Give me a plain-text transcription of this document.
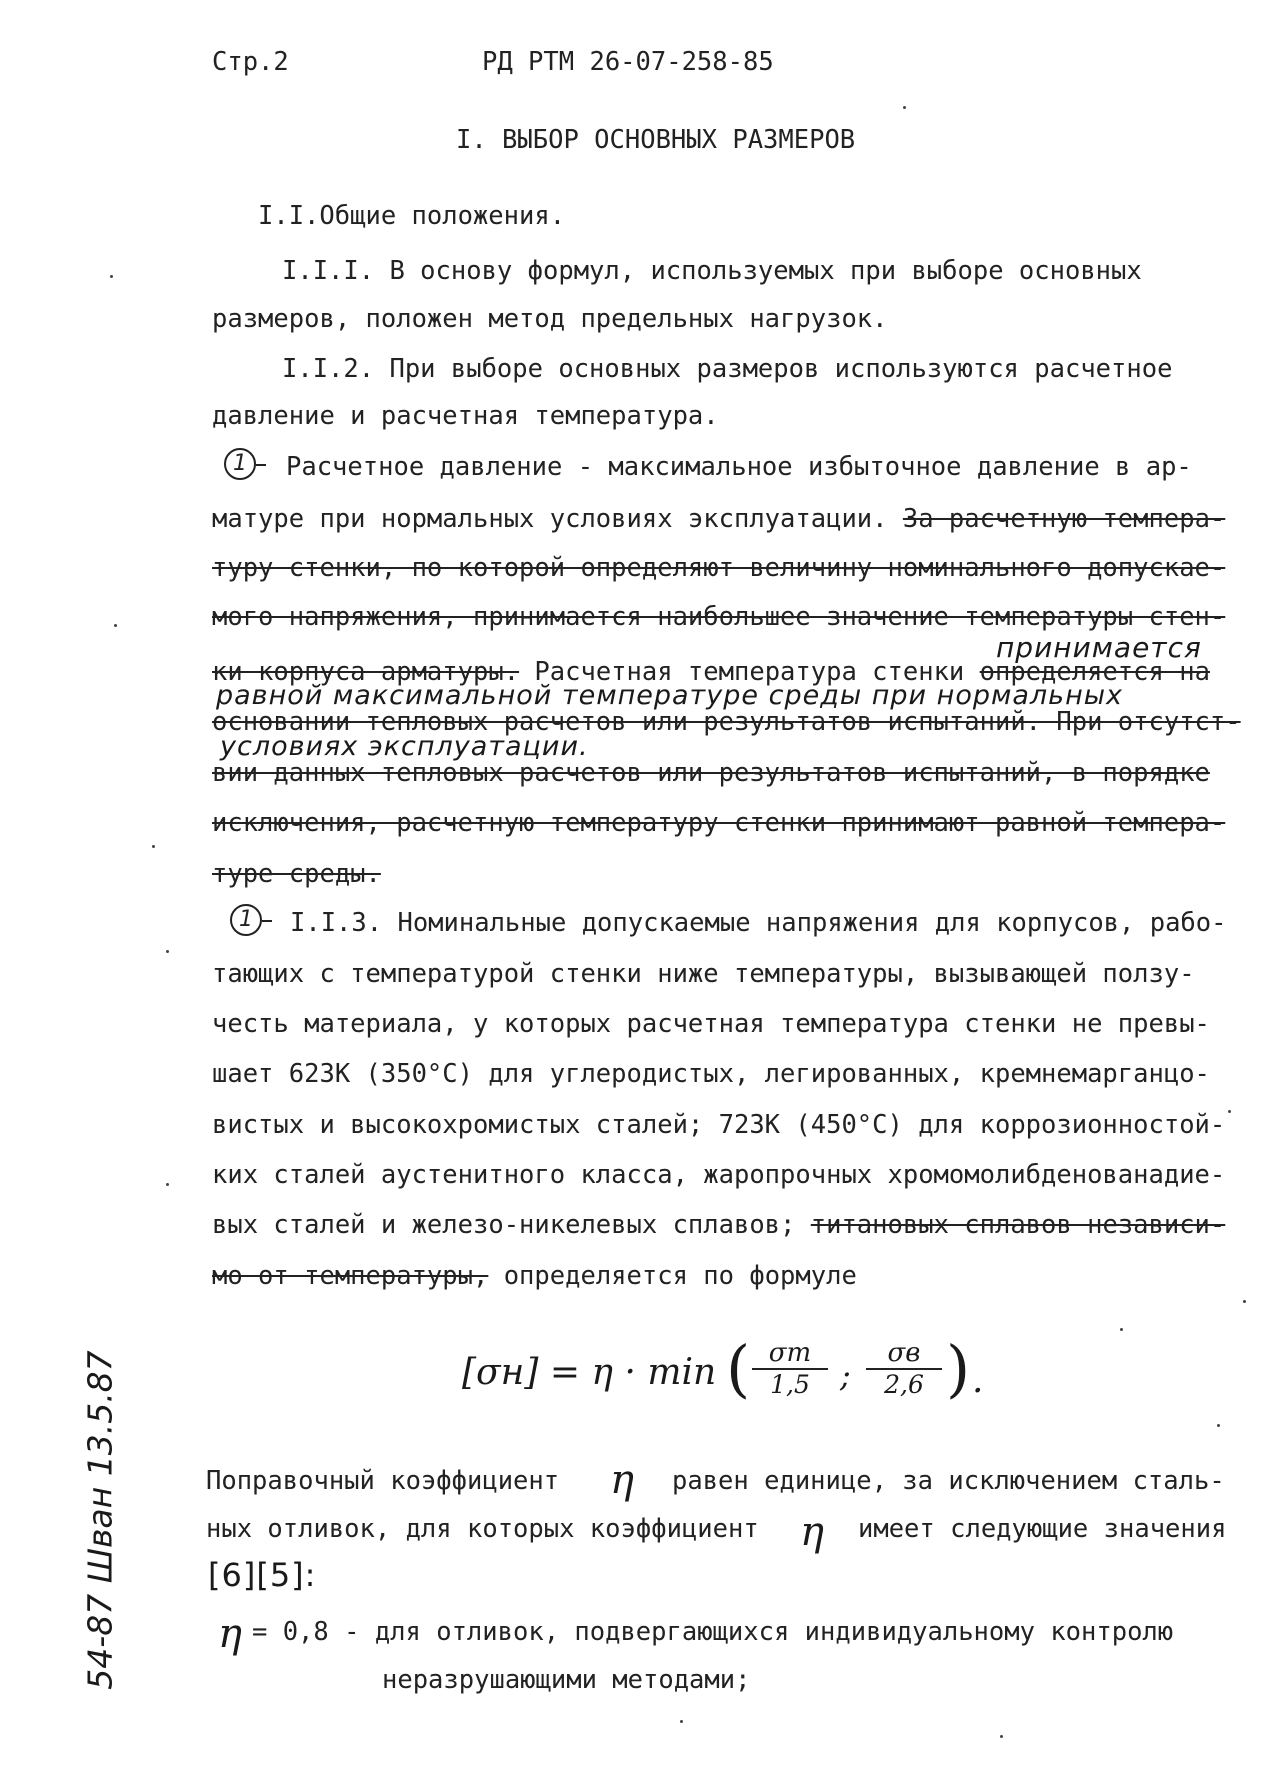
Стр.2	РД РТМ 26-07-258-85
I. ВЫБОР ОСНОВНЫХ РАЗМЕРОВ
I.I.Общие положения.
I.I.I. В основу формул, используемых при выборе основных
размеров, положен метод предельных нагрузок.
I.I.2. При выборе основных размеров используются расчетное
давление и расчетная температура.
1	Расчетное давление - максимальное избыточное давление в ар-
матуре при нормальных условиях эксплуатации. За расчетную темпера-
туру стенки, по которой определяют величину номинального допускае-
мого напряжения, принимается наибольшее значение температуры стен-
ки корпуса арматуры. Расчетная температура стенки определяется на
основании тепловых расчетов или результатов испытаний. При отсутст-
вии данных тепловых расчетов или результатов испытаний, в порядке
исключения, расчетную температуру стенки принимают равной темпера-
туре среды.
принимается
равной максимальной температуре среды при нормальных
условиях эксплуатации.
1	I.I.3. Номинальные допускаемые напряжения для корпусов, рабо-
тающих с температурой стенки ниже температуры, вызывающей ползу-
честь материала, у которых расчетная температура стенки не превы-
шает 623К (350°С) для углеродистых, легированных, кремнемарганцо-
вистых и высокохромистых сталей; 723К (450°С) для коррозионностой-
ких сталей аустенитного класса, жаропрочных хромомолибденованадие-
вых сталей и железо-никелевых сплавов; титановых сплавов независи-
мо от температуры, определяется по формуле
[σн] = η · min ( σт
1,5 ;
σв
2,6 ) .
Поправочный коэффициент η равен единице, за исключением сталь-
ных отливок, для которых коэффициент η имеет следующие значения
[6][5]:
η = 0,8 - для отливок, подвергающихся индивидуальному контролю
неразрушающими методами;
54-87 Шван 13.5.87
